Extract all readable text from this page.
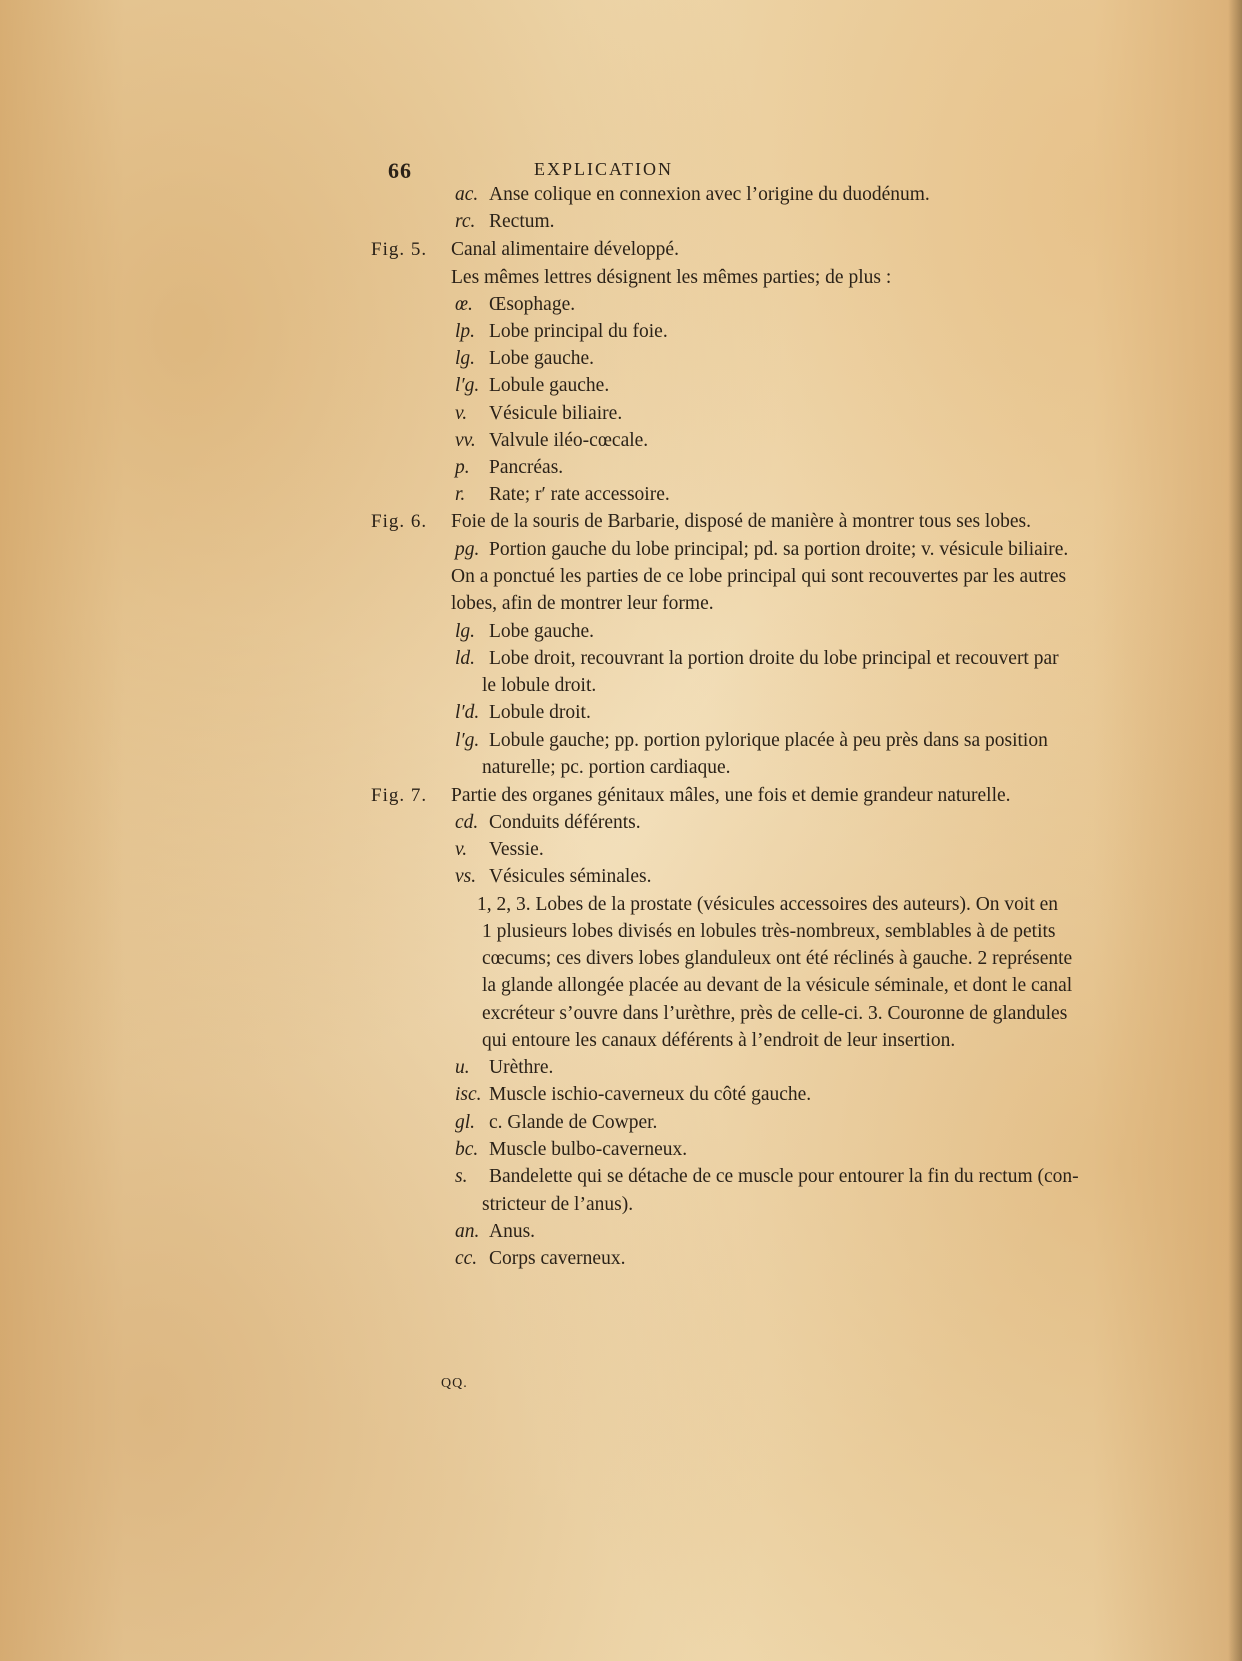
66	EXPLICATION
ac. Anse colique en connexion avec l’origine du duodénum.
rc. Rectum.
Fig. 5. Canal alimentaire développé.
Les mêmes lettres désignent les mêmes parties; de plus :
œ. Œsophage.
lp. Lobe principal du foie.
lg. Lobe gauche.
l′g. Lobule gauche.
v. Vésicule biliaire.
vv. Valvule iléo-cœcale.
p. Pancréas.
r. Rate; r′ rate accessoire.
Fig. 6. Foie de la souris de Barbarie, disposé de manière à montrer tous ses lobes.
pg. Portion gauche du lobe principal; pd. sa portion droite; v. vésicule biliaire.
On a ponctué les parties de ce lobe principal qui sont recouvertes par les autres
lobes, afin de montrer leur forme.
lg. Lobe gauche.
ld. Lobe droit, recouvrant la portion droite du lobe principal et recouvert par
le lobule droit.
l′d. Lobule droit.
l′g. Lobule gauche; pp. portion pylorique placée à peu près dans sa position
naturelle; pc. portion cardiaque.
Fig. 7. Partie des organes génitaux mâles, une fois et demie grandeur naturelle.
cd. Conduits déférents.
v. Vessie.
vs. Vésicules séminales.
1, 2, 3. Lobes de la prostate (vésicules accessoires des auteurs). On voit en
1 plusieurs lobes divisés en lobules très-nombreux, semblables à de petits
cœcums; ces divers lobes glanduleux ont été réclinés à gauche. 2 représente
la glande allongée placée au devant de la vésicule séminale, et dont le canal
excréteur s’ouvre dans l’urèthre, près de celle-ci. 3. Couronne de glandules
qui entoure les canaux déférents à l’endroit de leur insertion.
u. Urèthre.
isc. Muscle ischio-caverneux du côté gauche.
gl. c. Glande de Cowper.
bc. Muscle bulbo-caverneux.
s. Bandelette qui se détache de ce muscle pour entourer la fin du rectum (con-
stricteur de l’anus).
an. Anus.
cc. Corps caverneux.
QQ.
